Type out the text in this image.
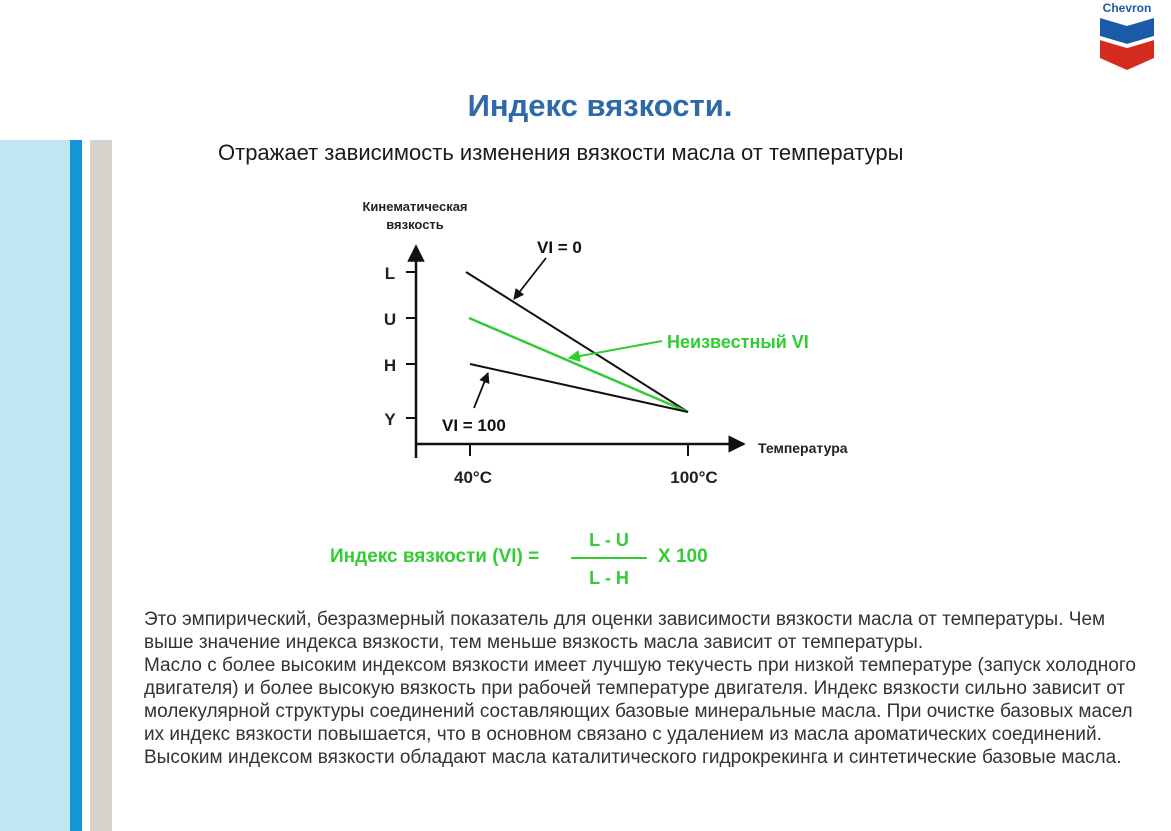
Chevron
Индекс вязкости.
Отражает зависимость изменения вязкости масла от температуры
Кинематическая
вязкость
Температура
L
U
H
Y
40°C	100°C
VI = 0
Неизвестный VI
VI = 100
Индекс вязкости (VI) =
L - U
L - H
X 100

Это эмпирический, безразмерный показатель для оценки зависимости вязкости масла от температуры. Чем выше значение индекса вязкости, тем меньше вязкость масла зависит от температуры.

Масло с более высоким индексом вязкости имеет лучшую текучесть при низкой температуре (запуск холодного двигателя) и более высокую вязкость при рабочей температуре двигателя. Индекс вязкости сильно зависит от молекулярной структуры соединений составляющих базовые минеральные масла. При очистке базовых масел их индекс вязкости повышается, что в основном связано с удалением из масла ароматических соединений. Высоким индексом вязкости обладают масла каталитического гидрокрекинга и синтетические базовые масла.
